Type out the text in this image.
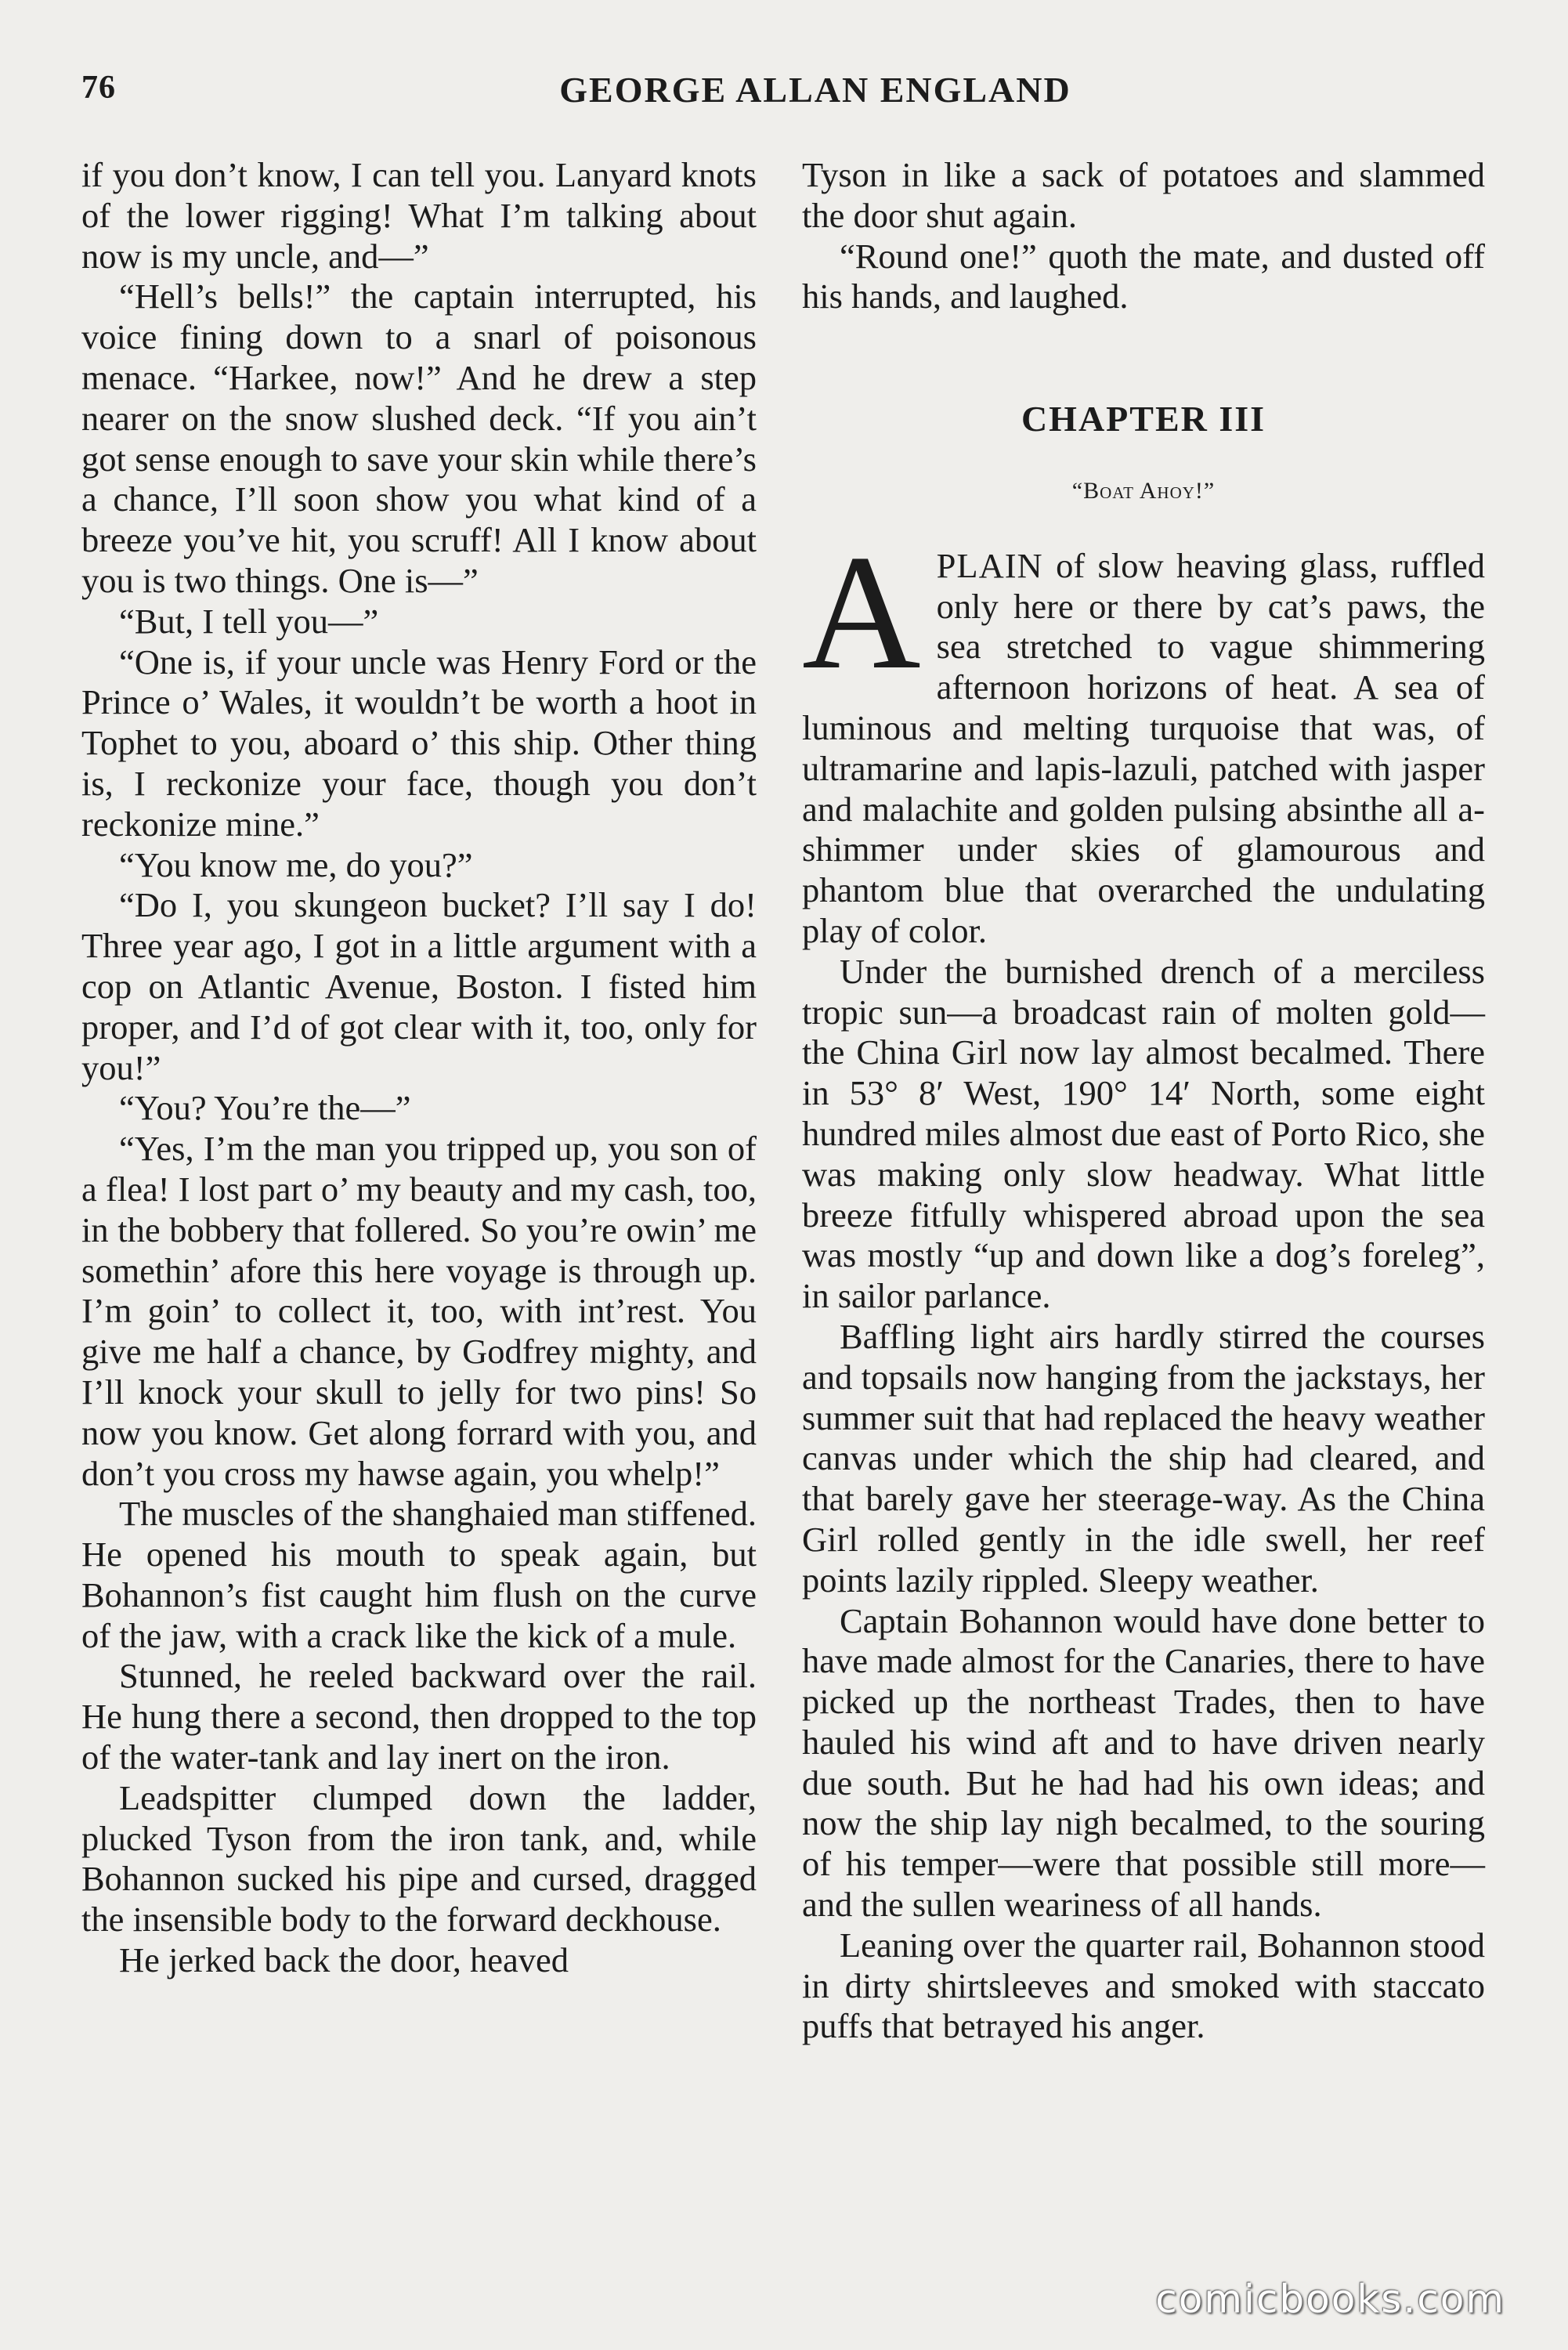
76	GEORGE ALLAN ENGLAND

if you don’t know, I can tell you. Lanyard knots of the lower rigging! What I’m talking about now is my uncle, and—”

“Hell’s bells!” the captain interrupted, his voice fining down to a snarl of poisonous menace. “Harkee, now!” And he drew a step nearer on the snow slushed deck. “If you ain’t got sense enough to save your skin while there’s a chance, I’ll soon show you what kind of a breeze you’ve hit, you scruff! All I know about you is two things. One is—”

“But, I tell you—”

“One is, if your uncle was Henry Ford or the Prince o’ Wales, it wouldn’t be worth a hoot in Tophet to you, aboard o’ this ship. Other thing is, I reckonize your face, though you don’t reckonize mine.”

“You know me, do you?”

“Do I, you skungeon bucket? I’ll say I do! Three year ago, I got in a little argument with a cop on Atlantic Avenue, Boston. I fisted him proper, and I’d of got clear with it, too, only for you!”

“You? You’re the—”

“Yes, I’m the man you tripped up, you son of a flea! I lost part o’ my beauty and my cash, too, in the bobbery that follered. So you’re owin’ me somethin’ afore this here voyage is through up. I’m goin’ to collect it, too, with int’rest. You give me half a chance, by Godfrey mighty, and I’ll knock your skull to jelly for two pins! So now you know. Get along forrard with you, and don’t you cross my hawse again, you whelp!”

The muscles of the shanghaied man stiffened. He opened his mouth to speak again, but Bohannon’s fist caught him flush on the curve of the jaw, with a crack like the kick of a mule.

Stunned, he reeled backward over the rail. He hung there a second, then dropped to the top of the water-tank and lay inert on the iron.

Leadspitter clumped down the ladder, plucked Tyson from the iron tank, and, while Bohannon sucked his pipe and cursed, dragged the insensible body to the forward deckhouse.

He jerked back the door, heaved

Tyson in like a sack of potatoes and slammed the door shut again.

“Round one!” quoth the mate, and dusted off his hands, and laughed.

CHAPTER III
“Boat Ahoy!”

APLAIN of slow heaving glass, ruffled only here or there by cat’s paws, the sea stretched to vague shimmering afternoon horizons of heat. A sea of luminous and melting turquoise that was, of ultramarine and lapis-lazuli, patched with jasper and malachite and golden pulsing absinthe all a-shimmer under skies of glamourous and phantom blue that overarched the undulating play of color.

Under the burnished drench of a merciless tropic sun—a broadcast rain of molten gold—the China Girl now lay almost becalmed. There in 53° 8′ West, 190° 14′ North, some eight hundred miles almost due east of Porto Rico, she was making only slow headway. What little breeze fitfully whispered abroad upon the sea was mostly “up and down like a dog’s foreleg”, in sailor parlance.

Baffling light airs hardly stirred the courses and topsails now hanging from the jackstays, her summer suit that had replaced the heavy weather canvas under which the ship had cleared, and that barely gave her steerage-way. As the China Girl rolled gently in the idle swell, her reef points lazily rippled. Sleepy weather.

Captain Bohannon would have done better to have made almost for the Canaries, there to have picked up the northeast Trades, then to have hauled his wind aft and to have driven nearly due south. But he had had his own ideas; and now the ship lay nigh becalmed, to the souring of his temper—were that possible still more—and the sullen weariness of all hands.

Leaning over the quarter rail, Bohannon stood in dirty shirtsleeves and smoked with staccato puffs that betrayed his anger.

comicbooks.com
